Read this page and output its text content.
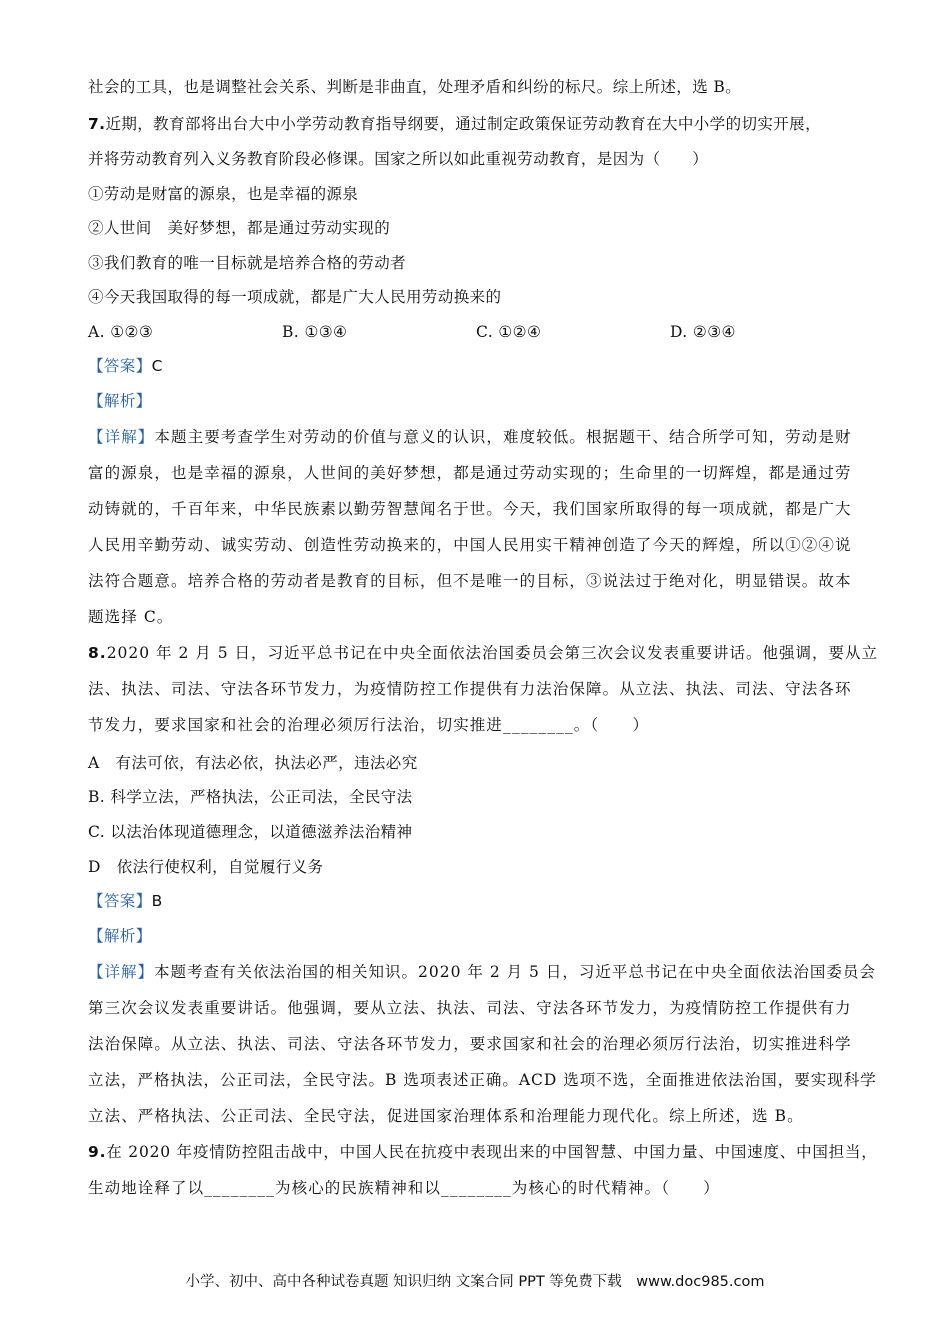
社会的工具，也是调整社会关系、判断是非曲直，处理矛盾和纠纷的标尺。综上所述，选 B。
7.近期，教育部将出台大中小学劳动教育指导纲要，通过制定政策保证劳动教育在大中小学的切实开展，
并将劳动教育列入义务教育阶段必修课。国家之所以如此重视劳动教育，是因为（　　）
①劳动是财富的源泉，也是幸福的源泉
②人世间　美好梦想，都是通过劳动实现的
③我们教育的唯一目标就是培养合格的劳动者
④今天我国取得的每一项成就，都是广大人民用劳动换来的
A. ①②③	B. ①③④	C. ①②④	D. ②③④
【答案】C
【解析】
【详解】本题主要考查学生对劳动的价值与意义的认识，难度较低。根据题干、结合所学可知，劳动是财
富的源泉，也是幸福的源泉，人世间的美好梦想，都是通过劳动实现的；生命里的一切辉煌，都是通过劳
动铸就的，千百年来，中华民族素以勤劳智慧闻名于世。今天，我们国家所取得的每一项成就，都是广大
人民用辛勤劳动、诚实劳动、创造性劳动换来的，中国人民用实干精神创造了今天的辉煌，所以①②④说
法符合题意。培养合格的劳动者是教育的目标，但不是唯一的目标，③说法过于绝对化，明显错误。故本
题选择 C。
8.2020 年 2 月 5 日，习近平总书记在中央全面依法治国委员会第三次会议发表重要讲话。他强调，要从立
法、执法、司法、守法各环节发力，为疫情防控工作提供有力法治保障。从立法、执法、司法、守法各环
节发力，要求国家和社会的治理必须厉行法治，切实推进________。（　　）
A　有法可依，有法必依，执法必严，违法必究
B. 科学立法，严格执法，公正司法，全民守法
C. 以法治体现道德理念，以道德滋养法治精神
D　依法行使权利，自觉履行义务
【答案】B
【解析】
【详解】本题考查有关依法治国的相关知识。2020 年 2 月 5 日，习近平总书记在中央全面依法治国委员会
第三次会议发表重要讲话。他强调，要从立法、执法、司法、守法各环节发力，为疫情防控工作提供有力
法治保障。从立法、执法、司法、守法各环节发力，要求国家和社会的治理必须厉行法治，切实推进科学
立法，严格执法，公正司法，全民守法。B 选项表述正确。ACD 选项不选，全面推进依法治国，要实现科学
立法、严格执法、公正司法、全民守法，促进国家治理体系和治理能力现代化。综上所述，选 B。
9.在 2020 年疫情防控阻击战中，中国人民在抗疫中表现出来的中国智慧、中国力量、中国速度、中国担当，
生动地诠释了以________为核心的民族精神和以________为核心的时代精神。（　　）
小学、初中、高中各种试卷真题 知识归纳 文案合同 PPT 等免费下载　www.doc985.com
